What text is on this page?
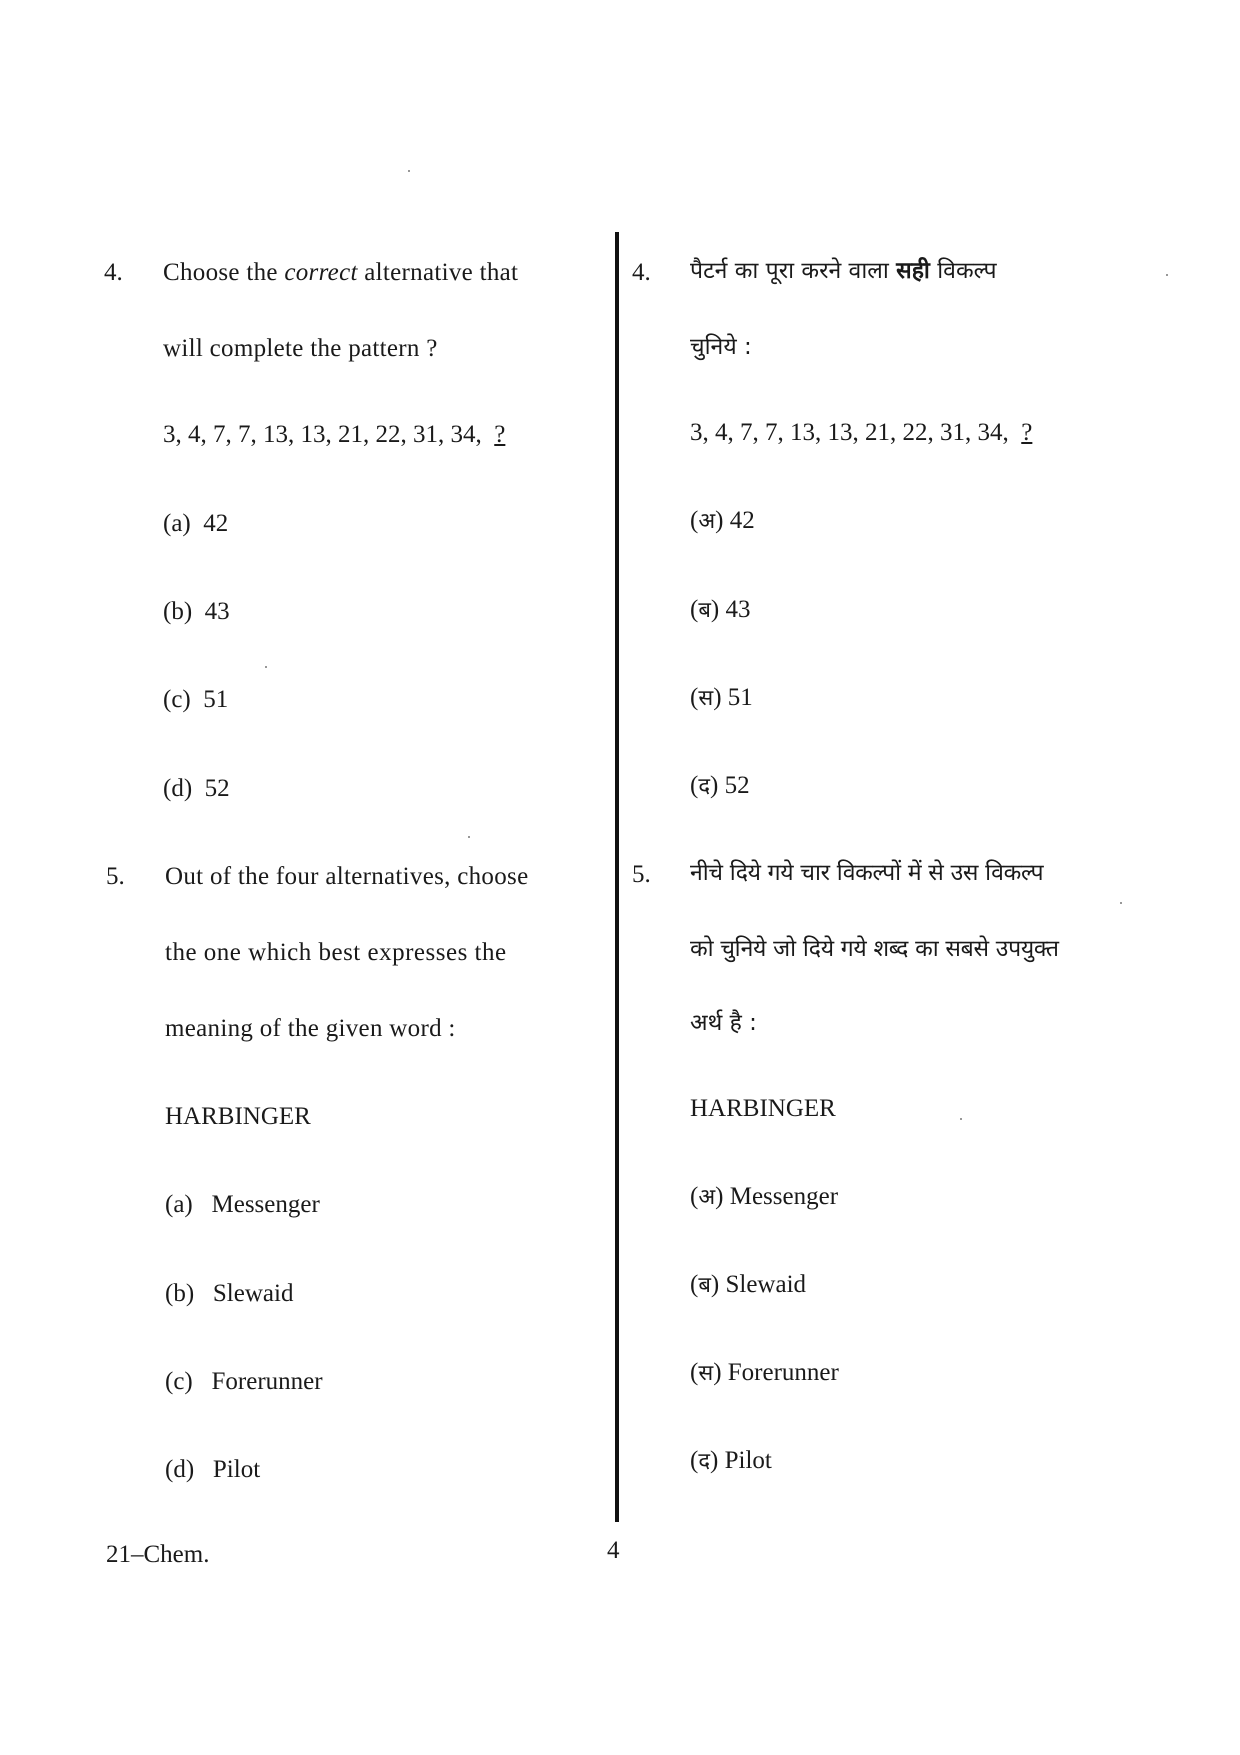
4. Choose the correct alternative that
will complete the pattern ?
3, 4, 7, 7, 13, 13, 21, 22, 31, 34, ?
(a) 42
(b) 43
(c) 51
(d) 52
5. Out of the four alternatives, choose
the one which best expresses the
meaning of the given word :
HARBINGER
(a) Messenger
(b) Slewaid
(c) Forerunner
(d) Pilot
4. पैटर्न का पूरा करने वाला सही विकल्प
चुनिये :
3, 4, 7, 7, 13, 13, 21, 22, 31, 34, ?
(अ) 42
(ब) 43
(स) 51
(द) 52
5. नीचे दिये गये चार विकल्पों में से उस विकल्प
को चुनिये जो दिये गये शब्द का सबसे उपयुक्त
अर्थ है :
HARBINGER
(अ) Messenger
(ब) Slewaid
(स) Forerunner
(द) Pilot
21–Chem.	4
